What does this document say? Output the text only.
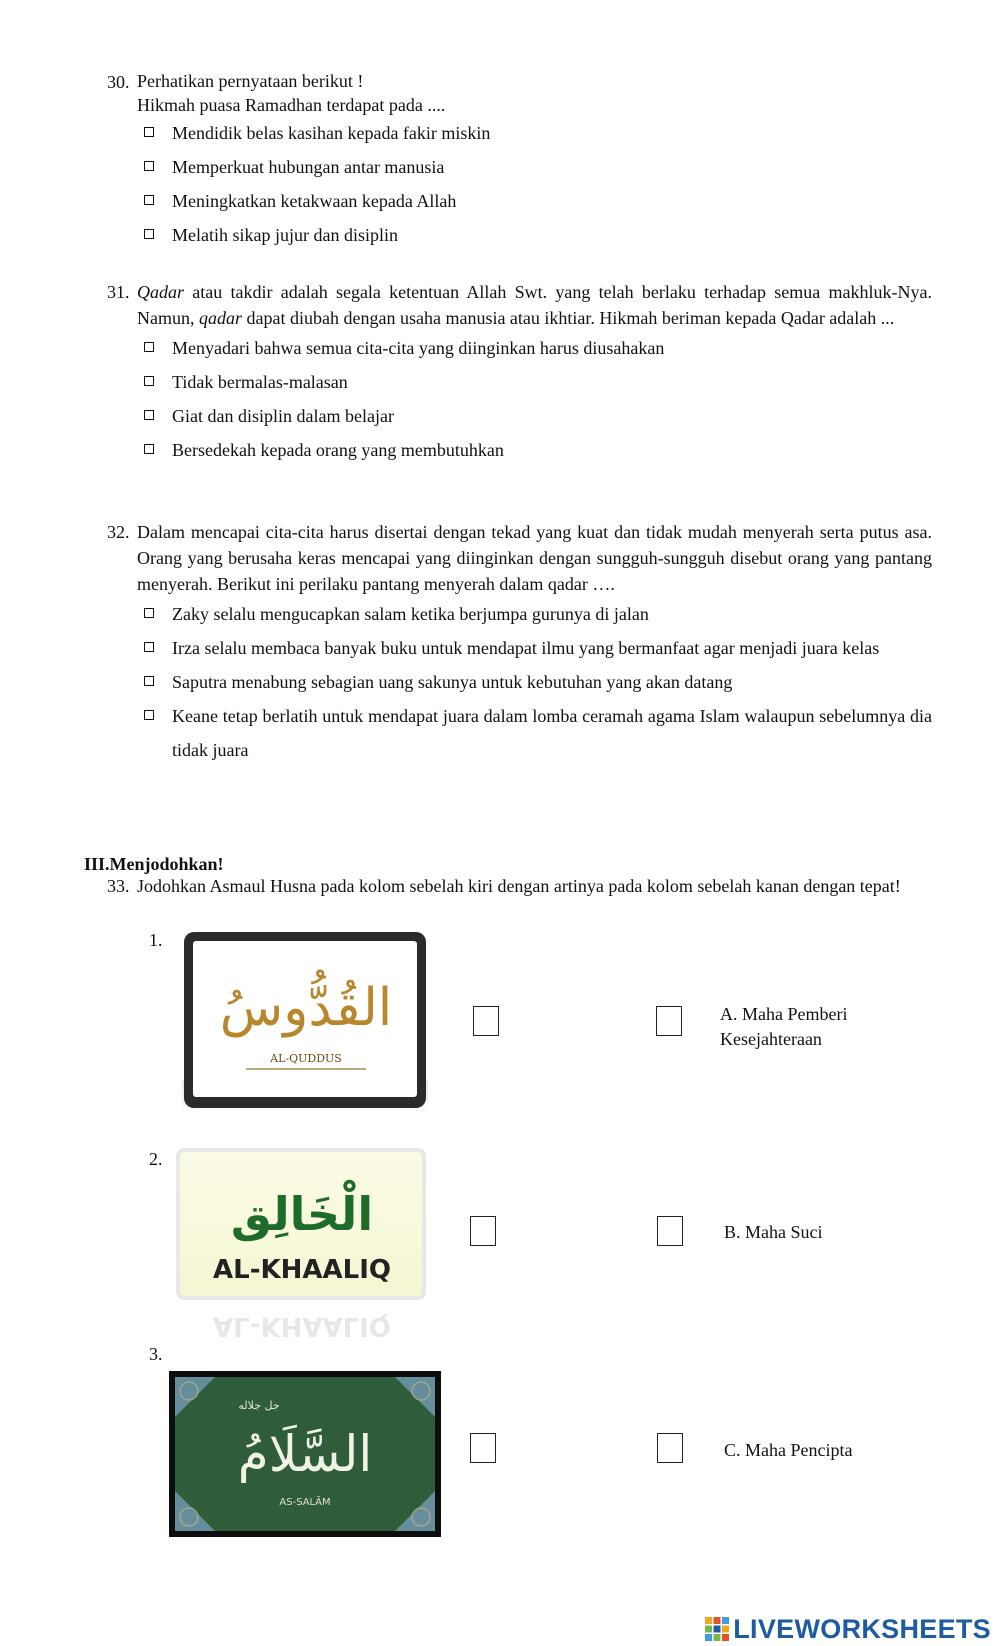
30. Perhatikan pernyataan berikut !
Hikmah puasa Ramadhan terdapat pada ....
Mendidik belas kasihan kepada fakir miskin
Memperkuat hubungan antar manusia
Meningkatkan ketakwaan kepada Allah
Melatih sikap jujur dan disiplin
31. Qadar atau takdir adalah segala ketentuan Allah Swt. yang telah berlaku terhadap semua makhluk-Nya. Namun, qadar dapat diubah dengan usaha manusia atau ikhtiar. Hikmah beriman kepada Qadar adalah ...
Menyadari bahwa semua cita-cita yang diinginkan harus diusahakan
Tidak bermalas-malasan
Giat dan disiplin dalam belajar
Bersedekah kepada orang yang membutuhkan
32. Dalam mencapai cita-cita harus disertai dengan tekad yang kuat dan tidak mudah menyerah serta putus asa. Orang yang berusaha keras mencapai yang diinginkan dengan sungguh-sungguh disebut orang yang pantang menyerah. Berikut ini perilaku pantang menyerah dalam qadar ….
Zaky selalu mengucapkan salam ketika berjumpa gurunya di jalan
Irza selalu membaca banyak buku untuk mendapat ilmu yang bermanfaat agar menjadi juara kelas
Saputra menabung sebagian uang sakunya untuk kebutuhan yang akan datang
Keane tetap berlatih untuk mendapat juara dalam lomba ceramah agama Islam walaupun sebelumnya dia tidak juara
III.Menjodohkan!
33. Jodohkan Asmaul Husna pada kolom sebelah kiri dengan artinya pada kolom sebelah kanan dengan tepat!
1.
القُدُّوسُ
AL-QUDDUS
A. Maha Pemberi
Kesejahteraan
2.
الْخَالِق
AL-KHAALIQ
AL-KHAALIQ
B. Maha Suci
3.
جل جلاله
السَّلَامُ
AS-SALĀM
C. Maha Pencipta
LIVEWORKSHEETS
